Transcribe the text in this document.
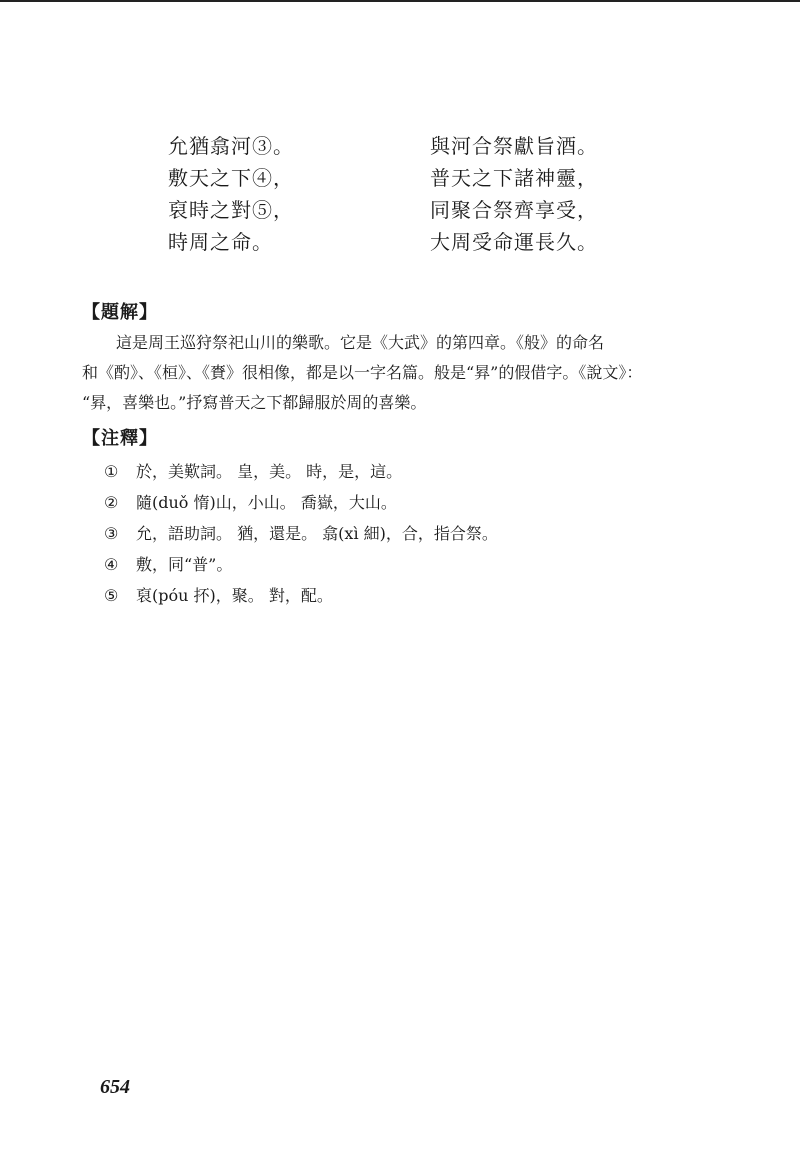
允猶翕河③。
敷天之下④，
裒時之對⑤，
時周之命。
與河合祭獻旨酒。
普天之下諸神靈，
同聚合祭齊享受，
大周受命運長久。
【題解】
這是周王巡狩祭祀山川的樂歌。它是《大武》的第四章。《般》的命名
和《酌》、《桓》、《賚》很相像，都是以一字名篇。般是“昪”的假借字。《說文》：
“昪，喜樂也。”抒寫普天之下都歸服於周的喜樂。
【注釋】
① 於，美歎詞。 皇，美。 時，是，這。
② 隨(duǒ 惰)山，小山。 喬嶽，大山。
③ 允，語助詞。 猶，還是。 翕(xì 細)，合，指合祭。
④ 敷，同“普”。
⑤ 裒(póu 抔)，聚。 對，配。
654
